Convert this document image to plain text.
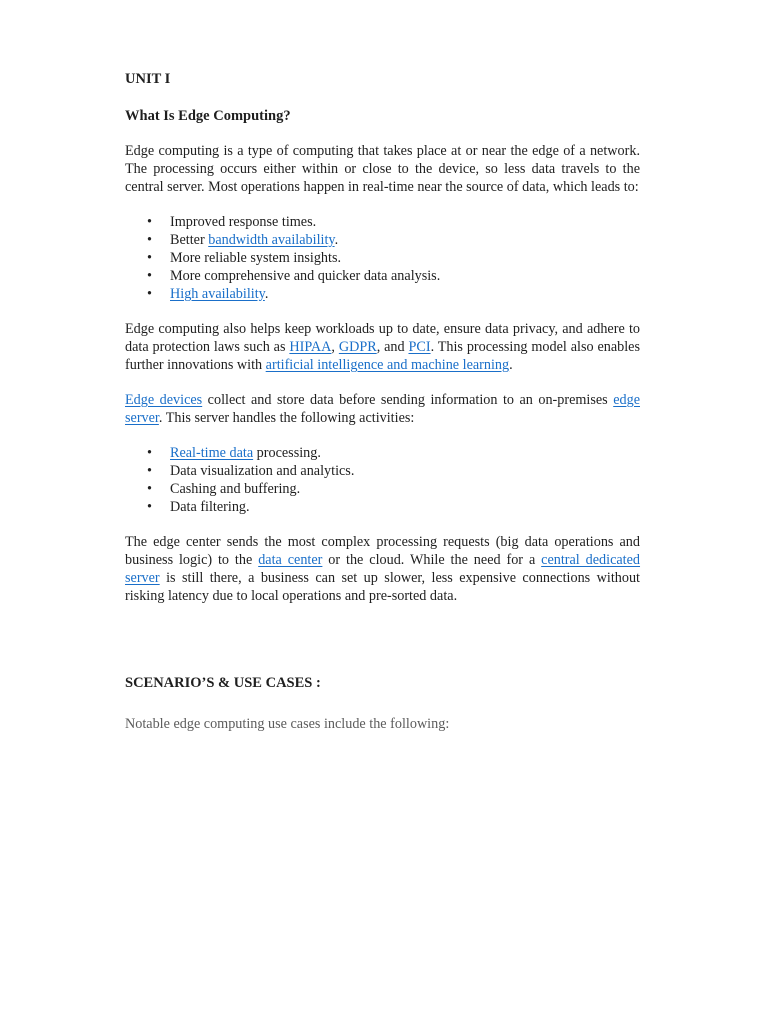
UNIT I

What Is Edge Computing?

Edge computing is a type of computing that takes place at or near the edge of a network. The processing occurs either within or close to the device, so less data travels to the central server. Most operations happen in real-time near the source of data, which leads to:

• Improved response times.
• Better bandwidth availability.
• More reliable system insights.
• More comprehensive and quicker data analysis.
• High availability.

Edge computing also helps keep workloads up to date, ensure data privacy, and adhere to data protection laws such as HIPAA, GDPR, and PCI. This processing model also enables further innovations with artificial intelligence and machine learning.

Edge devices collect and store data before sending information to an on-premises edge server. This server handles the following activities:

• Real-time data processing.
• Data visualization and analytics.
• Cashing and buffering.
• Data filtering.

The edge center sends the most complex processing requests (big data operations and business logic) to the data center or the cloud. While the need for a central dedicated server is still there, a business can set up slower, less expensive connections without risking latency due to local operations and pre-sorted data.

SCENARIO’S & USE CASES :

Notable edge computing use cases include the following:
